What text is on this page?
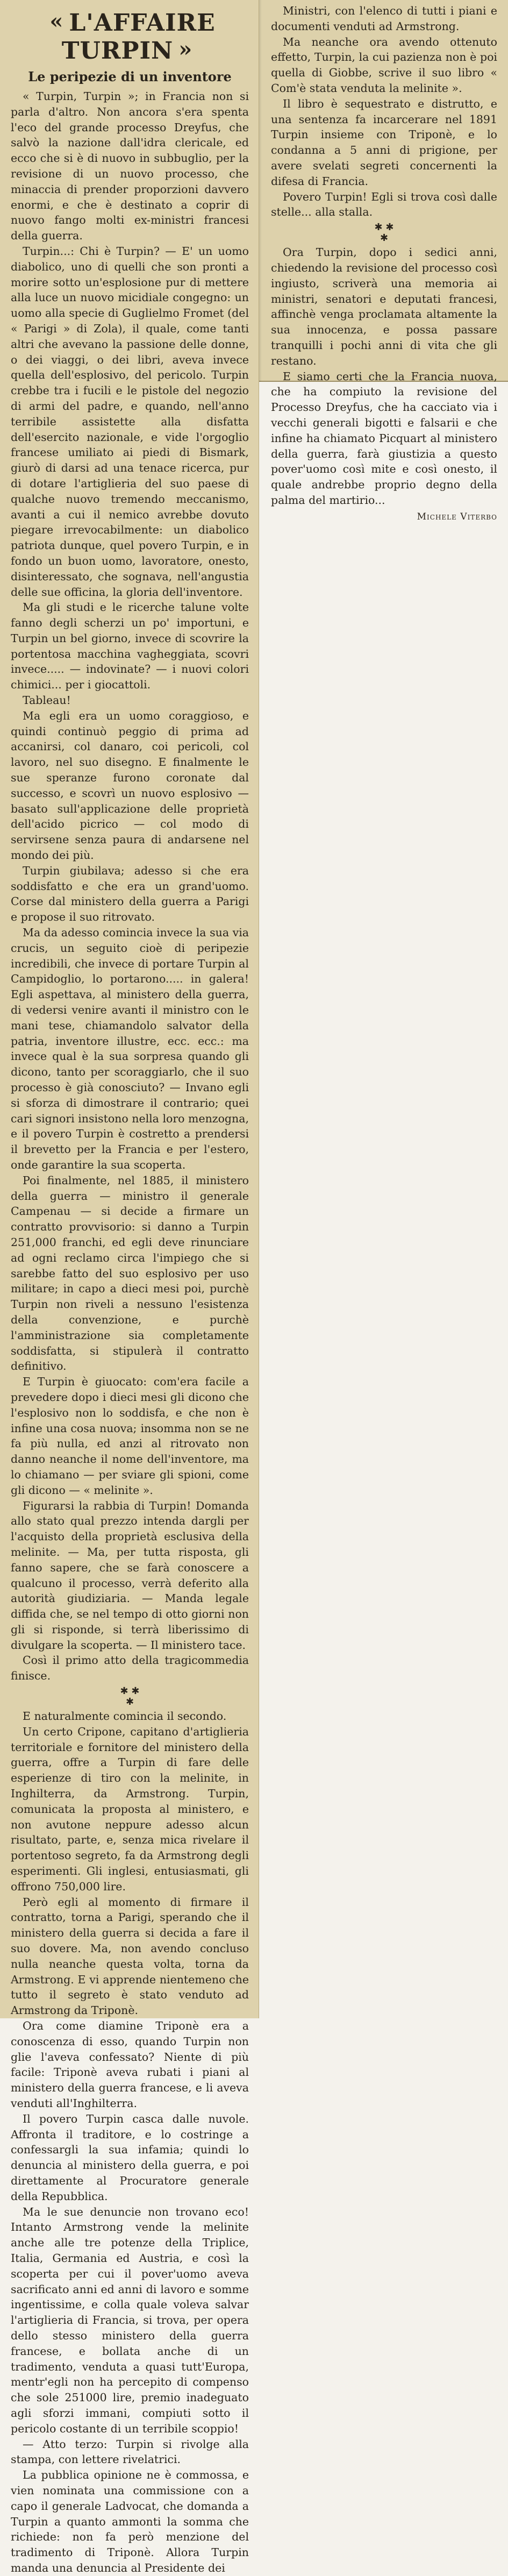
« L'AFFAIRE TURPIN »
Le peripezie di un inventore

« Turpin, Turpin »; in Francia non si parla d'altro. Non ancora s'era spenta l'eco del grande processo Dreyfus, che salvò la nazione dall'idra clericale, ed ecco che si è di nuovo in subbuglio, per la revisione di un nuovo processo, che minaccia di prender proporzioni davvero enormi, e che è destinato a coprir di nuovo fango molti ex-ministri francesi della guerra.

Turpin...: Chi è Turpin? — E' un uomo diabolico, uno di quelli che son pronti a morire sotto un'esplosione pur di mettere alla luce un nuovo micidiale congegno: un uomo alla specie di Guglielmo Fromet (del « Parigi » di Zola), il quale, come tanti altri che avevano la passione delle donne, o dei viaggi, o dei libri, aveva invece quella dell'esplosivo, del pericolo. Turpin crebbe tra i fucili e le pistole del negozio di armi del padre, e quando, nell'anno terribile assistette alla disfatta dell'esercito nazionale, e vide l'orgoglio francese umiliato ai piedi di Bismark, giurò di darsi ad una tenace ricerca, pur di dotare l'artiglieria del suo paese di qualche nuovo tremendo meccanismo, avanti a cui il nemico avrebbe dovuto piegare irrevocabilmente: un diabolico patriota dunque, quel povero Turpin, e in fondo un buon uomo, lavoratore, onesto, disinteressato, che sognava, nell'angustia delle sue officina, la gloria dell'inventore.

Ma gli studi e le ricerche talune volte fanno degli scherzi un po' importuni, e Turpin un bel giorno, invece di scovrire la portentosa macchina vagheggiata, scovri invece..... — indovinate? — i nuovi colori chimici... per i giocattoli.

Tableau!

Ma egli era un uomo coraggioso, e quindi continuò peggio di prima ad accanirsi, col danaro, coi pericoli, col lavoro, nel suo disegno. E finalmente le sue speranze furono coronate dal successo, e scovrì un nuovo esplosivo — basato sull'applicazione delle proprietà dell'acido picrico — col modo di servirsene senza paura di andarsene nel mondo dei più.

Turpin giubilava; adesso si che era soddisfatto e che era un grand'uomo. Corse dal ministero della guerra a Parigi e propose il suo ritrovato.

Ma da adesso comincia invece la sua via crucis, un seguito cioè di peripezie incredibili, che invece di portare Turpin al Campidoglio, lo portarono..... in galera! Egli aspettava, al ministero della guerra, di vedersi venire avanti il ministro con le mani tese, chiamandolo salvator della patria, inventore illustre, ecc. ecc.: ma invece qual è la sua sorpresa quando gli dicono, tanto per scoraggiarlo, che il suo processo è già conosciuto? — Invano egli si sforza di dimostrare il contrario; quei cari signori insistono nella loro menzogna, e il povero Turpin è costretto a prendersi il brevetto per la Francia e per l'estero, onde garantire la sua scoperta.

Poi finalmente, nel 1885, il ministero della guerra — ministro il generale Campenau — si decide a firmare un contratto provvisorio: si danno a Turpin 251,000 franchi, ed egli deve rinunciare ad ogni reclamo circa l'impiego che si sarebbe fatto del suo esplosivo per uso militare; in capo a dieci mesi poi, purchè Turpin non riveli a nessuno l'esistenza della convenzione, e purchè l'amministrazione sia completamente soddisfatta, si stipulerà il contratto definitivo.

E Turpin è giuocato: com'era facile a prevedere dopo i dieci mesi gli dicono che l'esplosivo non lo soddisfa, e che non è infine una cosa nuova; insomma non se ne fa più nulla, ed anzi al ritrovato non danno neanche il nome dell'inventore, ma lo chiamano — per sviare gli spioni, come gli dicono — « melinite ».

Figurarsi la rabbia di Turpin! Domanda allo stato qual prezzo intenda dargli per l'acquisto della proprietà esclusiva della melinite. — Ma, per tutta risposta, gli fanno sapere, che se farà conoscere a qualcuno il processo, verrà deferito alla autorità giudiziaria. — Manda legale diffida che, se nel tempo di otto giorni non gli si risponde, si terrà liberissimo di divulgare la scoperta. — Il ministero tace.

Così il primo atto della tragicommedia finisce.

✱ ✱
✱

E naturalmente comincia il secondo.

Un certo Cripone, capitano d'artiglieria territoriale e fornitore del ministero della guerra, offre a Turpin di fare delle esperienze di tiro con la melinite, in Inghilterra, da Armstrong. Turpin, comunicata la proposta al ministero, e non avutone neppure adesso alcun risultato, parte, e, senza mica rivelare il portentoso segreto, fa da Armstrong degli esperimenti. Gli inglesi, entusiasmati, gli offrono 750,000 lire.

Però egli al momento di firmare il contratto, torna a Parigi, sperando che il ministero della guerra si decida a fare il suo dovere. Ma, non avendo concluso nulla neanche questa volta, torna da Armstrong. E vi apprende nientemeno che tutto il segreto è stato venduto ad Armstrong da Triponè.

Ora come diamine Triponè era a conoscenza di esso, quando Turpin non glie l'aveva confessato? Niente di più facile: Triponè aveva rubati i piani al ministero della guerra francese, e li aveva venduti all'Inghilterra.

Il povero Turpin casca dalle nuvole. Affronta il traditore, e lo costringe a confessargli la sua infamia; quindi lo denuncia al ministero della guerra, e poi direttamente al Procuratore generale della Repubblica.

Ma le sue denuncie non trovano eco! Intanto Armstrong vende la melinite anche alle tre potenze della Triplice, Italia, Germania ed Austria, e così la scoperta per cui il pover'uomo aveva sacrificato anni ed anni di lavoro e somme ingentissime, e colla quale voleva salvar l'artiglieria di Francia, si trova, per opera dello stesso ministero della guerra francese, e bollata anche di un tradimento, venduta a quasi tutt'Europa, mentr'egli non ha percepito di compenso che sole 251000 lire, premio inadeguato agli sforzi immani, compiuti sotto il pericolo costante di un terribile scoppio!

— Atto terzo: Turpin si rivolge alla stampa, con lettere rivelatrici.

La pubblica opinione ne è commossa, e vien nominata una commissione con a capo il generale Ladvocat, che domanda a Turpin a quanto ammonti la somma che richiede: non fa però menzione del tradimento di Triponè. Allora Turpin manda una denuncia al Presidente dei

Ministri, con l'elenco di tutti i piani e documenti venduti ad Armstrong.

Ma neanche ora avendo ottenuto effetto, Turpin, la cui pazienza non è poi quella di Giobbe, scrive il suo libro « Com'è stata venduta la melinite ».

Il libro è sequestrato e distrutto, e una sentenza fa incarcerare nel 1891 Turpin insieme con Triponè, e lo condanna a 5 anni di prigione, per avere svelati segreti concernenti la difesa di Francia.

Povero Turpin! Egli si trova così dalle stelle... alla stalla.

✱ ✱
✱

Ora Turpin, dopo i sedici anni, chiedendo la revisione del processo così ingiusto, scriverà una memoria ai ministri, senatori e deputati francesi, affinchè venga proclamata altamente la sua innocenza, e possa passare tranquilli i pochi anni di vita che gli restano.

E siamo certi che la Francia nuova, che ha compiuto la revisione del Processo Dreyfus, che ha cacciato via i vecchi generali bigotti e falsarii e che infine ha chiamato Picquart al ministero della guerra, farà giustizia a questo pover'uomo così mite e così onesto, il quale andrebbe proprio degno della palma del martirio...

Michele Viterbo
